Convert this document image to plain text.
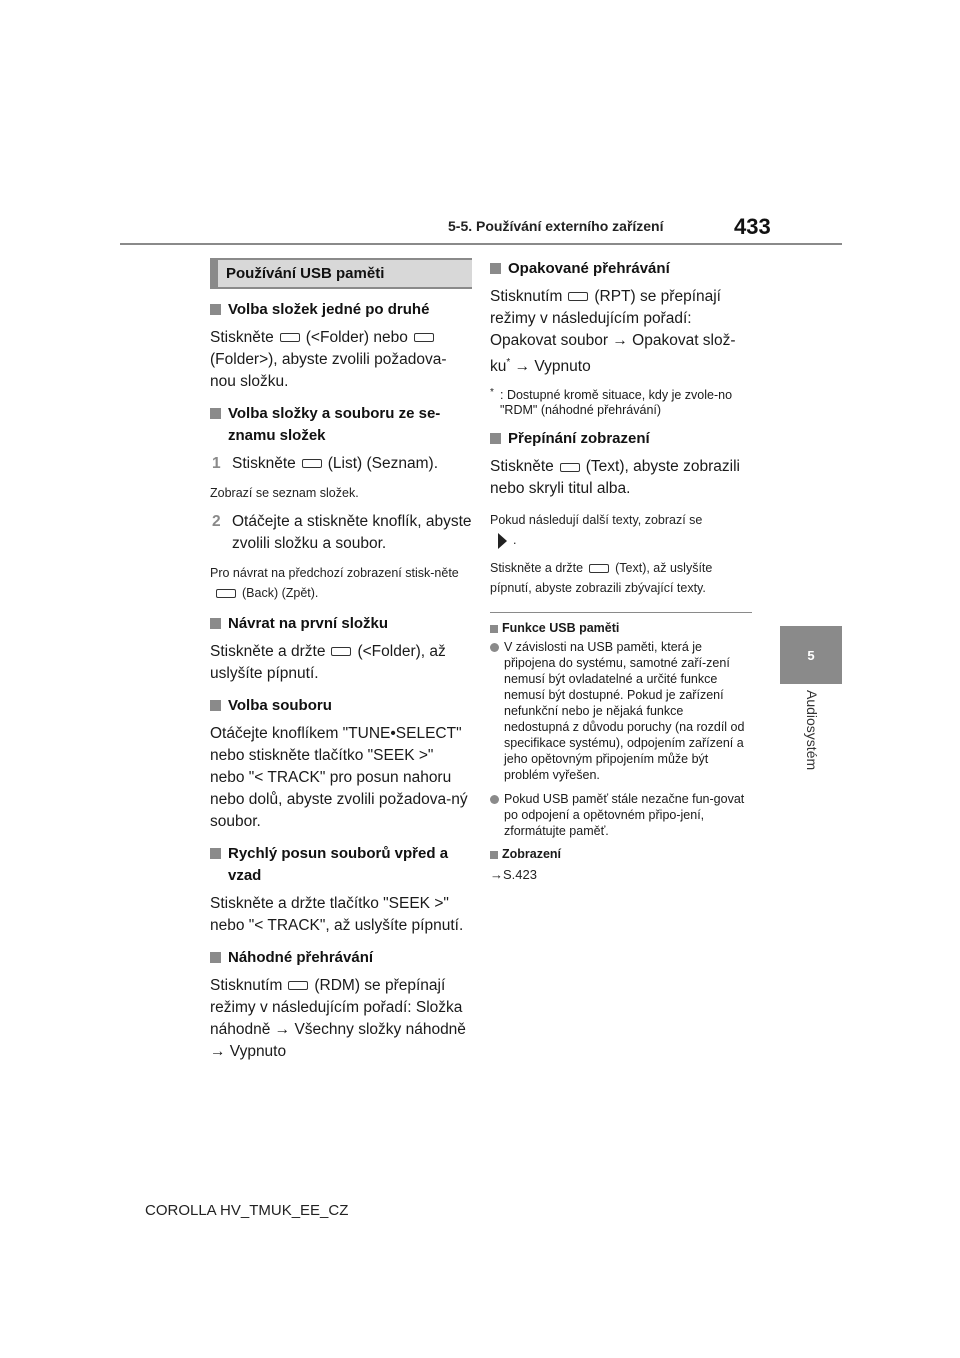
5-5. Používání externího zařízení	433
5
Audiosystém
Používání USB paměti
Volba složek jedné po druhé
Stiskněte (<Folder) nebo (Folder>), abyste zvolili požadova-nou složku.
Volba složky a souboru ze se-znamu složek
1 Stiskněte (List) (Seznam).
Zobrazí se seznam složek.
2 Otáčejte a stiskněte knoflík, abyste zvolili složku a soubor.
Pro návrat na předchozí zobrazení stisk-něte(Back) (Zpět).
Návrat na první složku
Stiskněte a držte (<Folder), až uslyšíte pípnutí.
Volba souboru
Otáčejte knoflíkem "TUNE•SELECT" nebo stiskněte tlačítko "SEEK >" nebo "< TRACK" pro posun nahoru nebo dolů, abyste zvolili požadova-ný soubor.
Rychlý posun souborů vpřed a vzad
Stiskněte a držte tlačítko "SEEK >" nebo "< TRACK", až uslyšíte pípnutí.
Náhodné přehrávání
Stisknutím (RDM) se přepínají režimy v následujícím pořadí: Složka náhodně → Všechny složky náhodně → Vypnuto
Opakované přehrávání
Stisknutím (RPT) se přepínají režimy v následujícím pořadí: Opakovat soubor → Opakovat slož-ku* → Vypnuto
* : Dostupné kromě situace, kdy je zvole-no "RDM" (náhodné přehrávání)
Přepínání zobrazení
Stiskněte (Text), abyste zobrazili nebo skryli titul alba.
Pokud následují další texty, zobrazí se
.
Stiskněte a držte	(Text), až uslyšíte pípnutí, abyste zobrazili zbývající texty.
Funkce USB paměti
V závislosti na USB paměti, která je připojena do systému, samotné zaří-zení nemusí být ovladatelné a určité funkce nemusí být dostupné. Pokud je zařízení nefunkční nebo je nějaká funkce nedostupná z důvodu poruchy (na rozdíl od specifikace systému), odpojením zařízení a jeho opětovným připojením může být problém vyřešen.
Pokud USB paměť stále nezačne fun-govat po odpojení a opětovném připo-jení, zformátujte paměť.
Zobrazení
→S.423
COROLLA HV_TMUK_EE_CZ
